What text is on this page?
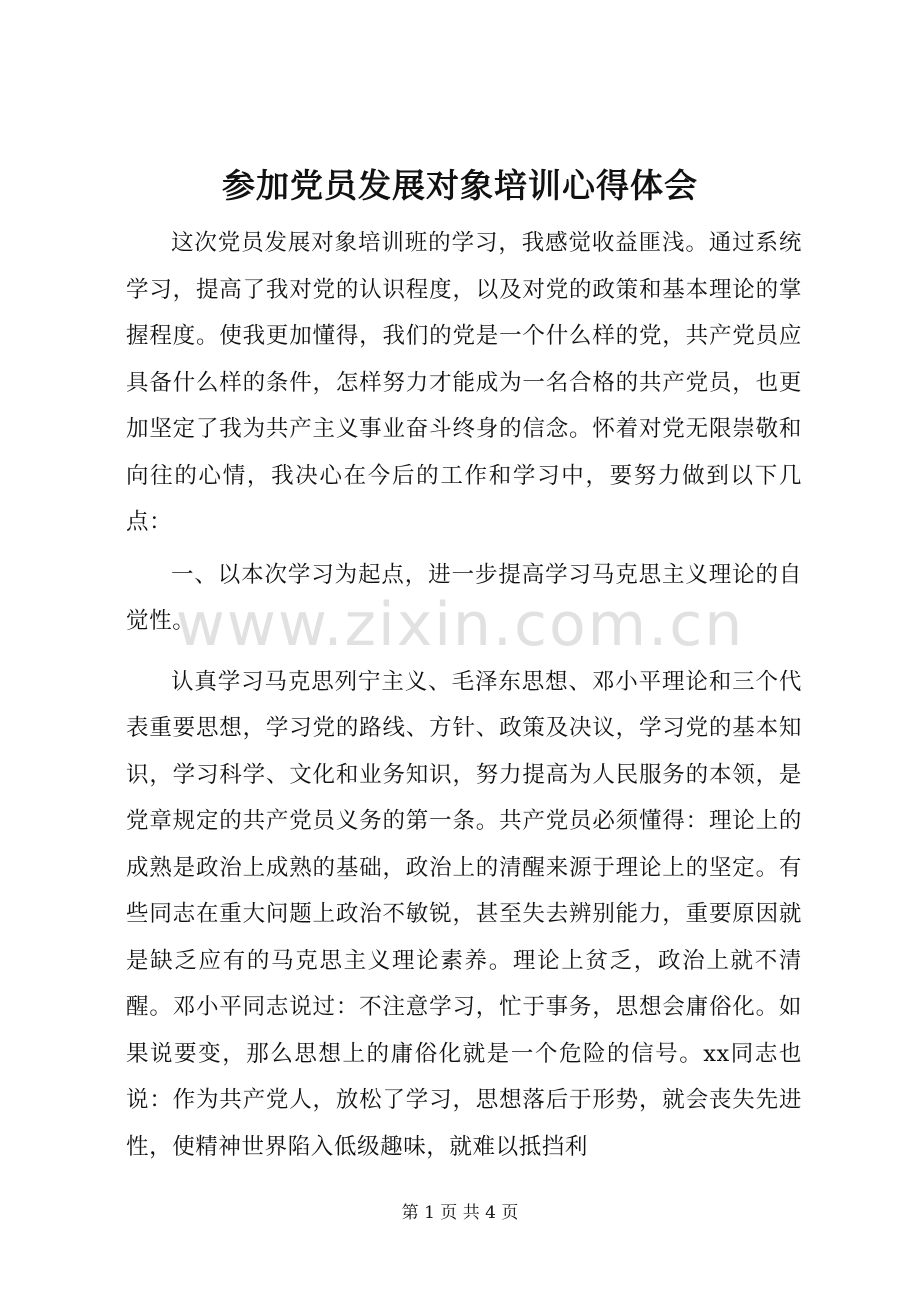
参加党员发展对象培训心得体会

这次党员发展对象培训班的学习，我感觉收益匪浅。通过系统学习，提高了我对党的认识程度，以及对党的政策和基本理论的掌握程度。使我更加懂得，我们的党是一个什么样的党，共产党员应具备什么样的条件，怎样努力才能成为一名合格的共产党员，也更加坚定了我为共产主义事业奋斗终身的信念。怀着对党无限崇敬和向往的心情，我决心在今后的工作和学习中，要努力做到以下几点：

一、以本次学习为起点，进一步提高学习马克思主义理论的自觉性。

认真学习马克思列宁主义、毛泽东思想、邓小平理论和三个代表重要思想，学习党的路线、方针、政策及决议，学习党的基本知识，学习科学、文化和业务知识，努力提高为人民服务的本领，是党章规定的共产党员义务的第一条。共产党员必须懂得：理论上的成熟是政治上成熟的基础，政治上的清醒来源于理论上的坚定。有些同志在重大问题上政治不敏锐，甚至失去辨别能力，重要原因就是缺乏应有的马克思主义理论素养。理论上贫乏，政治上就不清醒。邓小平同志说过：不注意学习，忙于事务，思想会庸俗化。如果说要变，那么思想上的庸俗化就是一个危险的信号。xx同志也说：作为共产党人，放松了学习，思想落后于形势，就会丧失先进性，使精神世界陷入低级趣味，就难以抵挡利

www.zixin.com.cn
第 1 页 共 4 页
